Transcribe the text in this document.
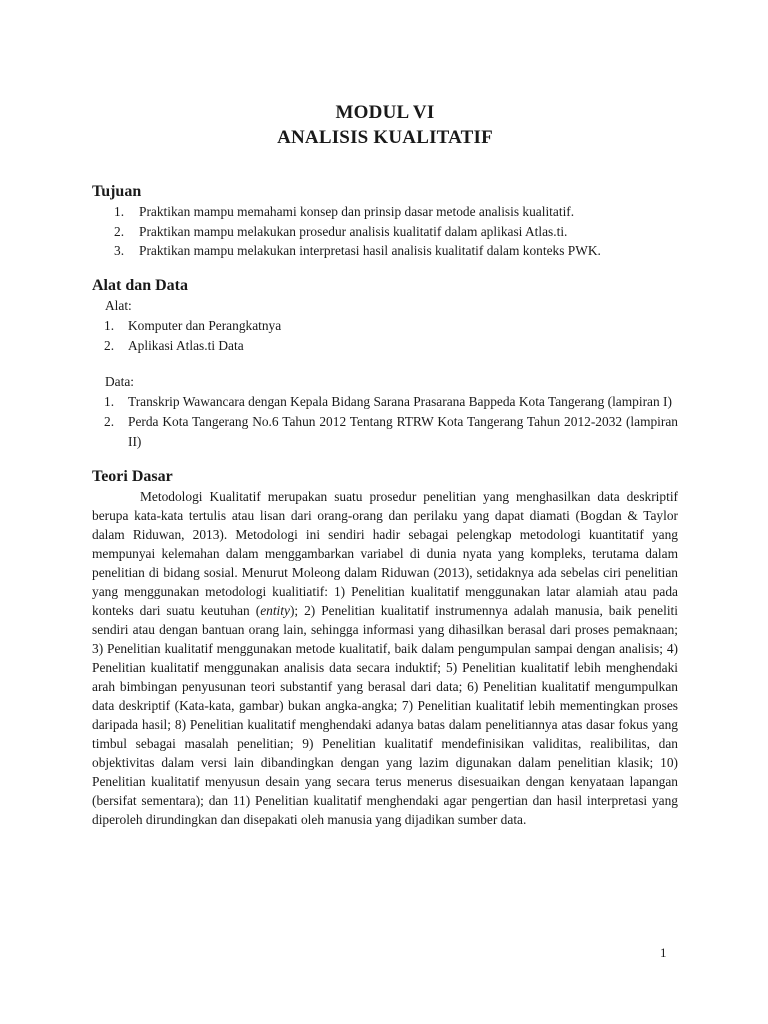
MODUL VI
ANALISIS KUALITATIF
Tujuan
1. Praktikan mampu memahami konsep dan prinsip dasar metode analisis kualitatif.
2. Praktikan mampu melakukan prosedur analisis kualitatif dalam aplikasi Atlas.ti.
3. Praktikan mampu melakukan interpretasi hasil analisis kualitatif dalam konteks PWK.
Alat dan Data
Alat:
1. Komputer dan Perangkatnya
2. Aplikasi Atlas.ti Data
Data:
1. Transkrip Wawancara dengan Kepala Bidang Sarana Prasarana Bappeda Kota Tangerang (lampiran I)
2. Perda Kota Tangerang No.6 Tahun 2012 Tentang RTRW Kota Tangerang Tahun 2012-2032 (lampiran II)
Teori Dasar

Metodologi Kualitatif merupakan suatu prosedur penelitian yang menghasilkan data deskriptif berupa kata-kata tertulis atau lisan dari orang-orang dan perilaku yang dapat diamati (Bogdan & Taylor dalam Riduwan, 2013). Metodologi ini sendiri hadir sebagai pelengkap metodologi kuantitatif yang mempunyai kelemahan dalam menggambarkan variabel di dunia nyata yang kompleks, terutama dalam penelitian di bidang sosial. Menurut Moleong dalam Riduwan (2013), setidaknya ada sebelas ciri penelitian yang menggunakan metodologi kualitiatif: 1) Penelitian kualitatif menggunakan latar alamiah atau pada konteks dari suatu keutuhan (entity); 2) Penelitian kualitatif instrumennya adalah manusia, baik peneliti sendiri atau dengan bantuan orang lain, sehingga informasi yang dihasilkan berasal dari proses pemaknaan; 3) Penelitian kualitatif menggunakan metode kualitatif, baik dalam pengumpulan sampai dengan analisis; 4) Penelitian kualitatif menggunakan analisis data secara induktif; 5) Penelitian kualitatif lebih menghendaki arah bimbingan penyusunan teori substantif yang berasal dari data; 6) Penelitian kualitatif mengumpulkan data deskriptif (Kata-kata, gambar) bukan angka-angka; 7) Penelitian kualitatif lebih mementingkan proses daripada hasil; 8) Penelitian kualitatif menghendaki adanya batas dalam penelitiannya atas dasar fokus yang timbul sebagai masalah penelitian; 9) Penelitian kualitatif mendefinisikan validitas, realibilitas, dan objektivitas dalam versi lain dibandingkan dengan yang lazim digunakan dalam penelitian klasik; 10) Penelitian kualitatif menyusun desain yang secara terus menerus disesuaikan dengan kenyataan lapangan (bersifat sementara); dan 11) Penelitian kualitatif menghendaki agar pengertian dan hasil interpretasi yang diperoleh dirundingkan dan disepakati oleh manusia yang dijadikan sumber data.

1
